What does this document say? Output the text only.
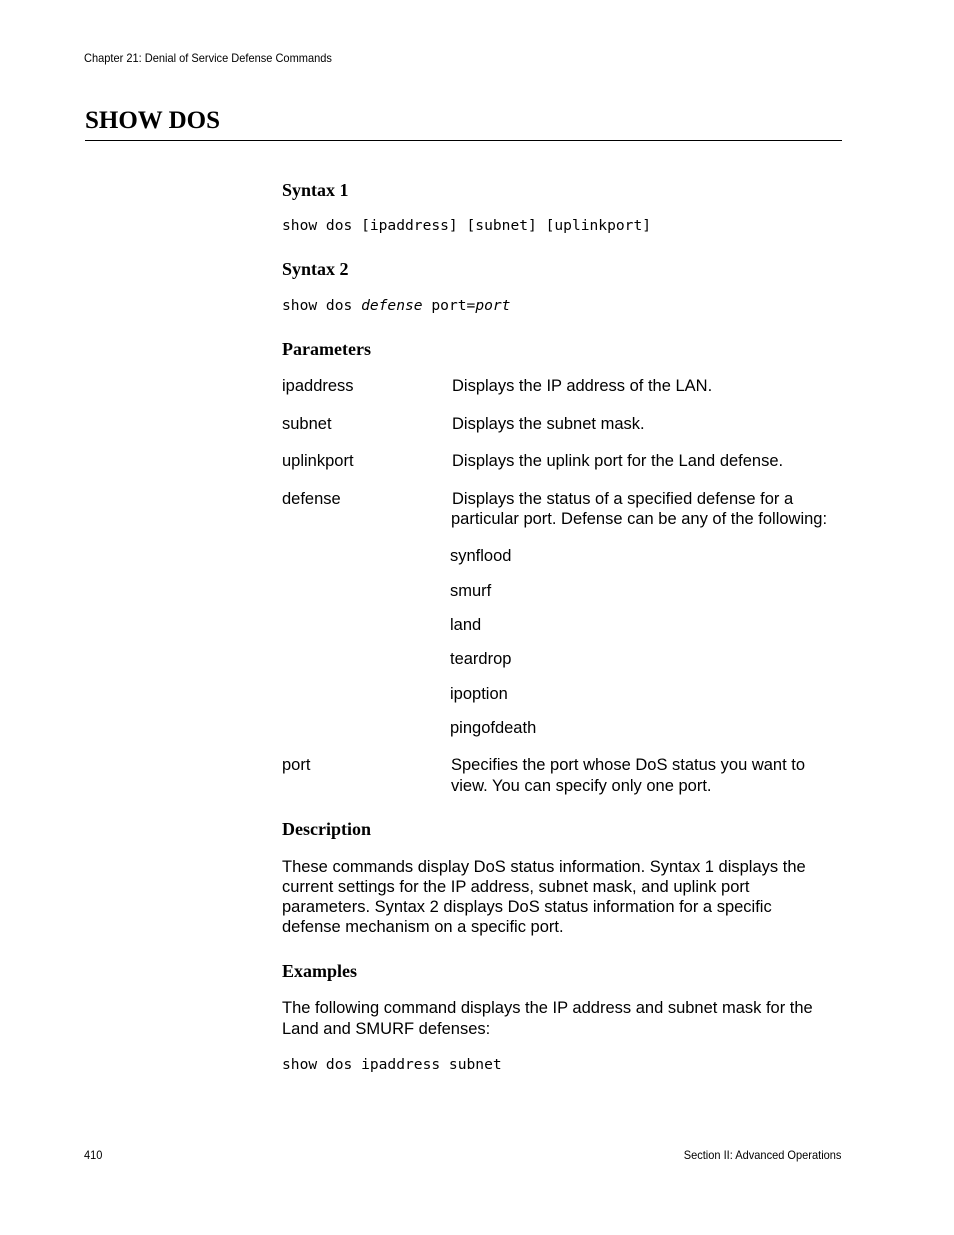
Chapter 21: Denial of Service Defense Commands
SHOW DOS
Syntax 1
show dos [ipaddress] [subnet] [uplinkport]
Syntax 2
show dos defense port=port
Parameters
ipaddress	Displays the IP address of the LAN.
subnet	Displays the subnet mask.
uplinkport	Displays the uplink port for the Land defense.
defense	Displays the status of a specified defense for a
particular port. Defense can be any of the following:
synflood
smurf
land
teardrop
ipoption
pingofdeath
port	Specifies the port whose DoS status you want to
view. You can specify only one port.
Description
These commands display DoS status information. Syntax 1 displays the
current settings for the IP address, subnet mask, and uplink port
parameters. Syntax 2 displays DoS status information for a specific
defense mechanism on a specific port.
Examples
The following command displays the IP address and subnet mask for the
Land and SMURF defenses:
show dos ipaddress subnet
410	Section II: Advanced Operations
